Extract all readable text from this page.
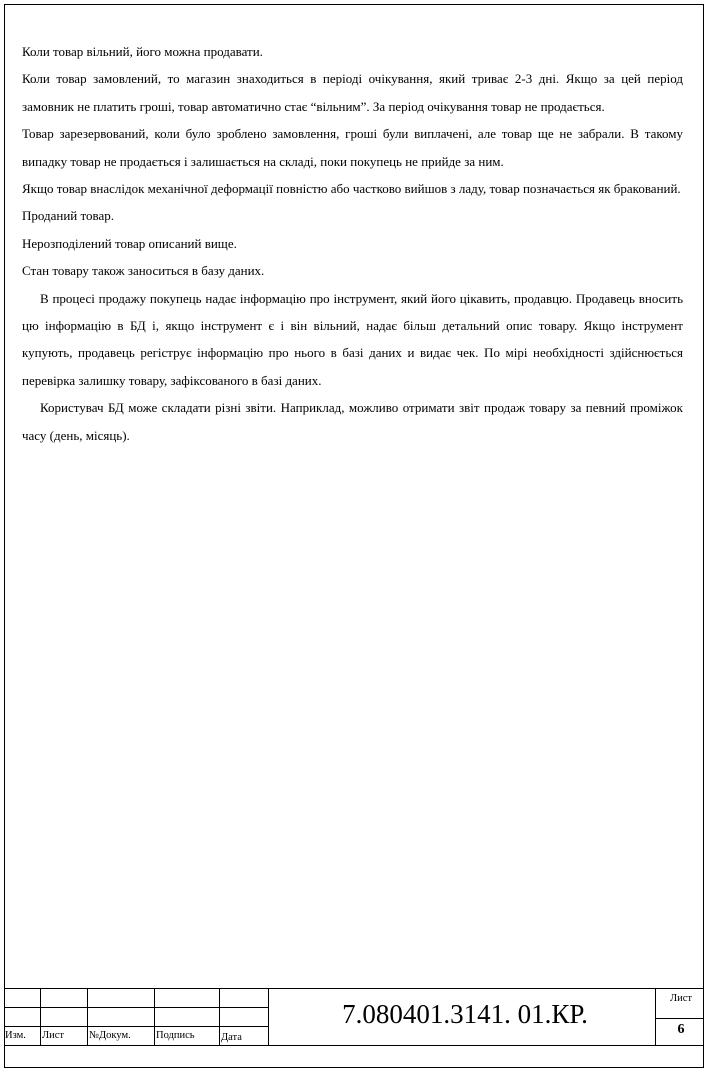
Коли товар вільний, його можна продавати.

Коли товар замовлений, то магазин знаходиться в періоді очікування, який триває 2-3 дні. Якщо за цей період замовник не платить гроші, товар автоматично стає “вільним”. За період очікування товар не продається.

Товар зарезервований, коли було зроблено замовлення, гроші були виплачені, але товар ще не забрали. В такому випадку товар не продається і залишається на складі, поки покупець не прийде за ним.

Якщо товар внаслідок механічної деформації повністю або частково вийшов з ладу, товар позначається як бракований.

Проданий товар.

Нерозподілений товар описаний вище.

Стан товару також заноситься в базу даних.

В процесі продажу покупець надає інформацію про інструмент, який його цікавить, продавцю. Продавець вносить цю інформацію в БД і, якщо інструмент є і він вільний, надає більш детальний опис товару. Якщо інструмент купують, продавець регіструє інформацію про нього в базі даних и видає чек. По мірі необхідності здійснюється перевірка залишку товару, зафіксованого в базі даних.

Користувач БД може складати різні звіти. Наприклад, можливо отримати звіт продаж товару за певний проміжок часу (день, місяць).

Изм. Лист №Докум. Подпись	Дата
7.080401.3141. 01.КР.
Лист
6
